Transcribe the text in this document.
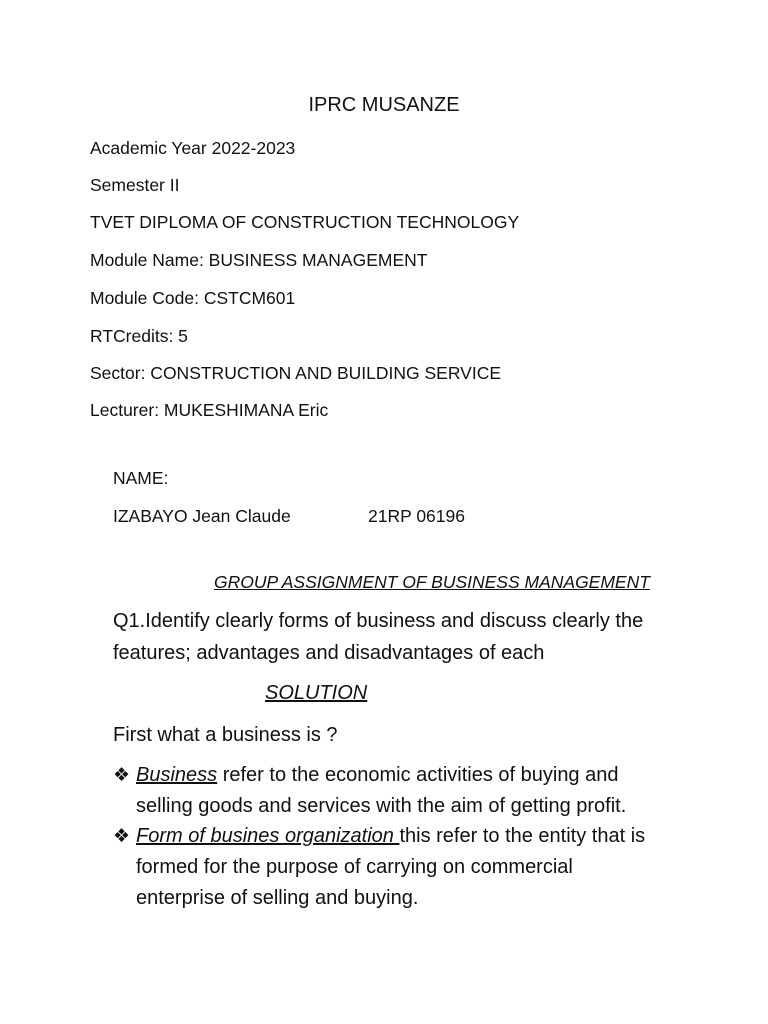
IPRC MUSANZE

Academic Year 2022-2023

Semester II

TVET DIPLOMA OF CONSTRUCTION TECHNOLOGY

Module Name: BUSINESS MANAGEMENT

Module Code: CSTCM601

RTCredits: 5

Sector: CONSTRUCTION AND BUILDING SERVICE

Lecturer: MUKESHIMANA Eric

NAME:

IZABAYO Jean Claude	21RP 06196

GROUP ASSIGNMENT OF BUSINESS MANAGEMENT

Q1.Identify clearly forms of business and discuss clearly the

features; advantages and disadvantages of each

SOLUTION

First what a business is ?

❖ Business refer to the economic activities of buying and

selling goods and services with the aim of getting profit.

❖ Form of busines organization this refer to the entity that is

formed for the purpose of carrying on commercial

enterprise of selling and buying.
